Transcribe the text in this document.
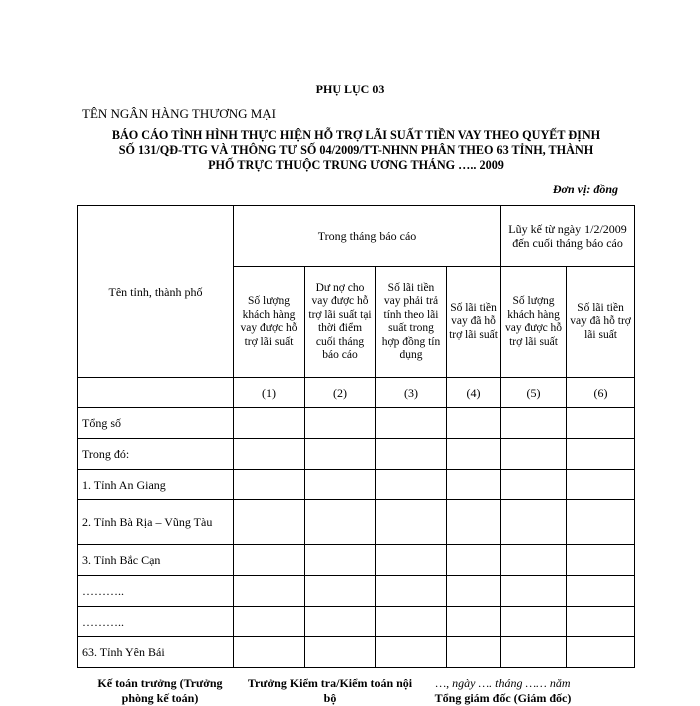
PHỤ LỤC 03
TÊN NGÂN HÀNG THƯƠNG MẠI
BÁO CÁO TÌNH HÌNH THỰC HIỆN HỖ TRỢ LÃI SUẤT TIỀN VAY THEO QUYẾT ĐỊNH
SỐ 131/QĐ-TTG VÀ THÔNG TƯ SỐ 04/2009/TT-NHNN PHÂN THEO 63 TỈNH, THÀNH
PHỐ TRỰC THUỘC TRUNG ƯƠNG THÁNG ….. 2009
Đơn vị: đồng
Tên tỉnh, thành phố	Trong tháng báo cáo				Lũy kế từ ngày 1/2/2009 đến cuối tháng báo cáo	
	Số lượng khách hàng vay được hỗ trợ lãi suất	Dư nợ cho vay được hỗ trợ lãi suất tại thời điểm cuối tháng báo cáo	Số lãi tiền vay phải trả tính theo lãi suất trong hợp đồng tín dụng	Số lãi tiền vay đã hỗ trợ lãi suất	Số lượng khách hàng vay được hỗ trợ lãi suất	Số lãi tiền vay đã hỗ trợ lãi suất
	(1)	(2)	(3)	(4)	(5)	(6)
Tổng số						
Trong đó:						
1. Tỉnh An Giang						
2. Tỉnh Bà Rịa – Vũng Tàu						
3. Tỉnh Bắc Cạn						
………..						
………..						
63. Tỉnh Yên Bái						
Kế toán trưởng (Trưởng phòng kế toán)
Trưởng Kiểm tra/Kiểm toán nội bộ
…, ngày …. tháng …… năm
Tổng giám đốc (Giám đốc)
